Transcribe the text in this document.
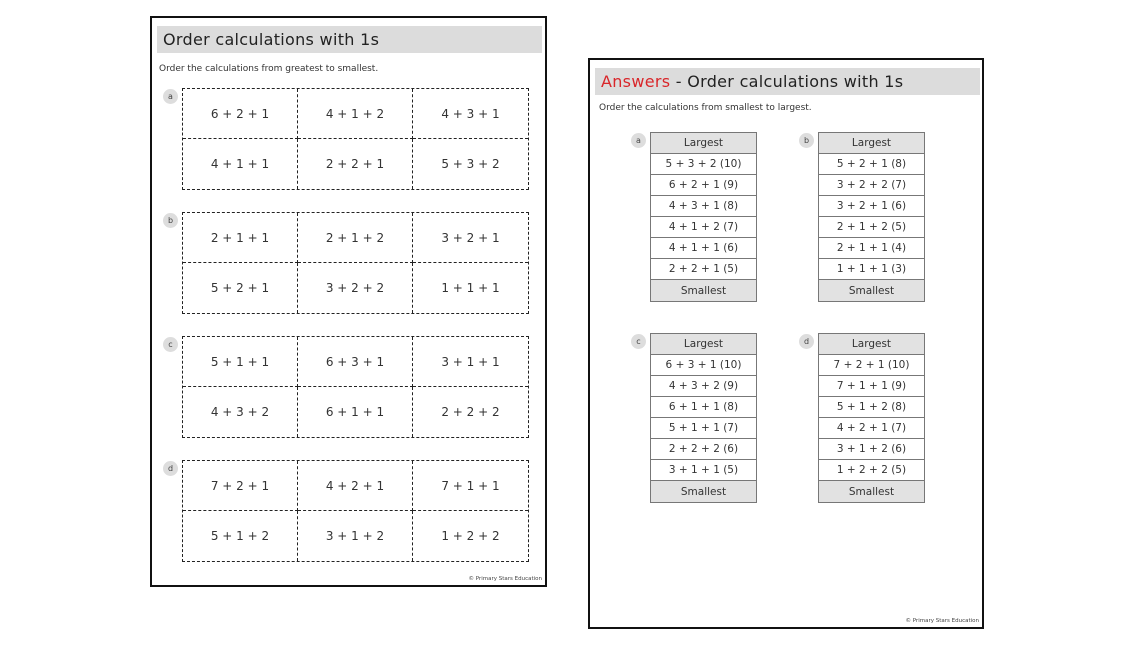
Order calculations with 1s
Order the calculations from greatest to smallest.
a
6 + 2 + 1	4 + 1 + 2	4 + 3 + 1
4 + 1 + 1	2 + 2 + 1	5 + 3 + 2
b
2 + 1 + 1	2 + 1 + 2	3 + 2 + 1
5 + 2 + 1	3 + 2 + 2	1 + 1 + 1
c
5 + 1 + 1	6 + 3 + 1	3 + 1 + 1
4 + 3 + 2	6 + 1 + 1	2 + 2 + 2
d
7 + 2 + 1	4 + 2 + 1	7 + 1 + 1
5 + 1 + 2	3 + 1 + 2	1 + 2 + 2
© Primary Stars Education
Answers - Order calculations with 1s
Order the calculations from smallest to largest.
a	Largest
5 + 3 + 2 (10)
6 + 2 + 1 (9)
4 + 3 + 1 (8)
4 + 1 + 2 (7)
4 + 1 + 1 (6)
2 + 2 + 1 (5)
Smallest
b	Largest
5 + 2 + 1 (8)
3 + 2 + 2 (7)
3 + 2 + 1 (6)
2 + 1 + 2 (5)
2 + 1 + 1 (4)
1 + 1 + 1 (3)
Smallest
c	Largest
6 + 3 + 1 (10)
4 + 3 + 2 (9)
6 + 1 + 1 (8)
5 + 1 + 1 (7)
2 + 2 + 2 (6)
3 + 1 + 1 (5)
Smallest
d	Largest
7 + 2 + 1 (10)
7 + 1 + 1 (9)
5 + 1 + 2 (8)
4 + 2 + 1 (7)
3 + 1 + 2 (6)
1 + 2 + 2 (5)
Smallest
© Primary Stars Education
